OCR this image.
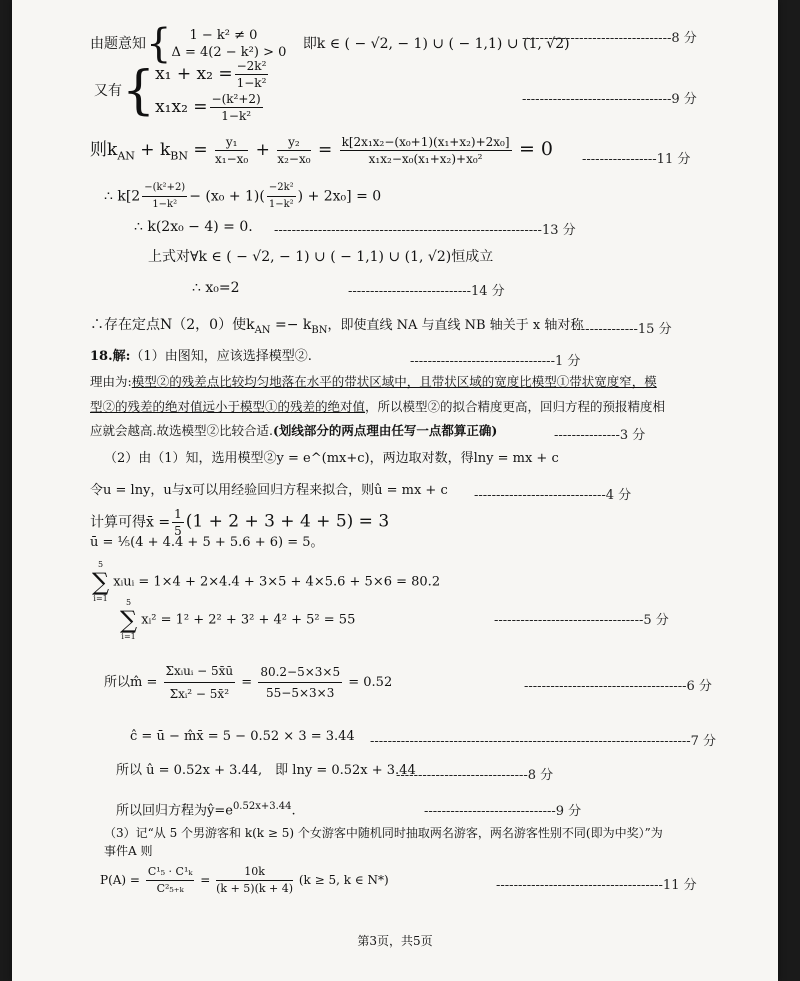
由题意知{	1 − k² ≠ 0
Δ = 4(2 − k²) > 0
即k ∈ ( − √2, − 1) ∪ ( − 1,1) ∪ (1, √2)
----------------------------------8 分
又有{ $x_1 + x_2 = \frac{\text{−2k²}}{\text{1−k²}}$
$x_1x_2 = \frac{\text{−(k²+2)}}{\text{1−k²}}$	----------------------------------9 分
则$k_{AN} + k_{BN} = \frac{\text{y₁}}{\text{x₁−x₀}} + \frac{\text{y₂}}{\text{x₂−x₀}} = \frac{\text{k[2x₁x₂−(x₀+1)(x₁+x₂)+2x₀]}}{\text{x₁x₂−x₀(x₁+x₂)+x₀²}} = 0$ -----------------11 分
∴ $k[2 \frac{\text{−(k²+2)}}{\text{1−k²}} - (x_0 + 1)( \frac{\text{−2k²}}{\text{1−k²}}$ ) + 2x₀] = 0
∴ k(2x₀ − 4) = 0. -------------------------------------------------------------13 分
上式对∀k ∈ ( − √2, − 1) ∪ ( − 1,1) ∪ (1, √2)恒成立
∴ x₀=2	----------------------------14 分
∴存在定点N（2，0）使$k_{AN} =- k_{BN}$，即使直线 NA 与直线 NB 轴关于 x 轴对称
---------------15 分
18.解:（1）由图知，应该选择模型②.	---------------------------------1 分
理由为:模型②的残差点比较均匀地落在水平的带状区域中，且带状区域的宽度比模型①带状宽度窄，模
型②的残差的绝对值远小于模型①的残差的绝对值，所以模型②的拟合精度更高，回归方程的预报精度相
应就会越高.故选模型②比较合适.(划线部分的两点理由任写一点都算正确)	---------------3 分
（2）由（1）知，选用模型②y = e^(mx+c)，两边取对数，得lny = mx + c
令u = lny，u与x可以用经验回归方程来拟合，则û = mx + c ------------------------------4 分
计算可得x̄ = $\frac{1}{5} (1 + 2 + 3 + 4 + 5) = 3$
ū = ⅕(4 + 4.4 + 5 + 5.6 + 6) = 5。
5
∑
i=1
xᵢuᵢ = 1×4 + 2×4.4 + 3×5 + 4×5.6 + 5×6 = 80.2
5
∑
i=1
xᵢ² = 1² + 2² + 3² + 4² + 5² = 55	----------------------------------5 分
所以m̂ = $\frac{\text{Σxᵢuᵢ − 5x̄ū}}{\text{Σxᵢ² − 5x̄²}} = \frac{80.2-5\times 3\times 5}{55-5\times 3\times 3} = 0.52$	-------------------------------------6 分
ĉ = ū − m̂x̄ = 5 − 0.52 × 3 = 3.44 -------------------------------------------------------------------------7 分
所以 û = 0.52x + 3.44,　即 lny = 0.52x + 3.44
------------------------------8 分
所以回归方程为$ŷ=e^{0.52x+3.44}$.	------------------------------9 分
（3）记“从 5 个男游客和 k(k ≥ 5) 个女游客中随机同时抽取两名游客，两名游客性别不同(即为中奖）”为
事件A 则
$P(A) = \frac{\text{C¹₅ · C¹ₖ}}{\text{C²₅₊ₖ}} = \frac{10k}{(k + 5)(k + 4)} (k \ge 5$, k ∈ N*)	--------------------------------------11 分
第3页，共5页
